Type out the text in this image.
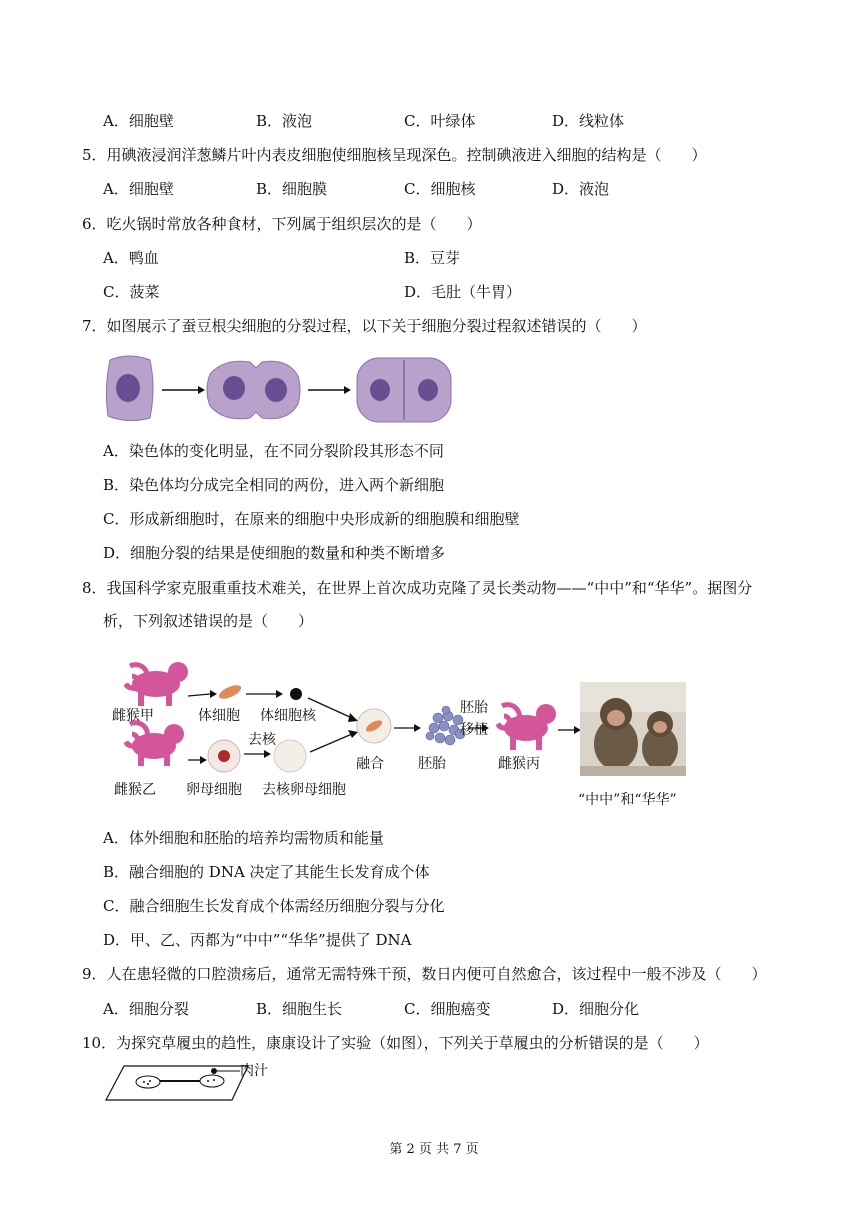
A．细胞壁	B．液泡	C．叶绿体	D．线粒体
5．用碘液浸润洋葱鳞片叶内表皮细胞使细胞核呈现深色。控制碘液进入细胞的结构是（　　）
A．细胞壁	B．细胞膜	C．细胞核	D．液泡
6．吃火锅时常放各种食材，下列属于组织层次的是（　　）
A．鸭血	B．豆芽
C．菠菜	D．毛肚（牛胃）
7．如图展示了蚕豆根尖细胞的分裂过程，以下关于细胞分裂过程叙述错误的（　　）
A．染色体的变化明显，在不同分裂阶段其形态不同
B．染色体均分成完全相同的两份，进入两个新细胞
C．形成新细胞时，在原来的细胞中央形成新的细胞膜和细胞壁
D．细胞分裂的结果是使细胞的数量和种类不断增多
8．我国科学家克服重重技术难关，在世界上首次成功克隆了灵长类动物——“中中”和“华华”。据图分
析，下列叙述错误的是（　　）
雌猴甲	体细胞 体细胞核
去核
雌猴乙 卵母细胞 去核卵母细胞
融合 胚胎
胚胎
移植
雌猴丙
“中中”和“华华”
A．体外细胞和胚胎的培养均需物质和能量
B．融合细胞的 DNA 决定了其能生长发育成个体
C．融合细胞生长发育成个体需经历细胞分裂与分化
D．甲、乙、丙都为“中中”“华华”提供了 DNA
9．人在患轻微的口腔溃疡后，通常无需特殊干预，数日内便可自然愈合，该过程中一般不涉及（　　）
A．细胞分裂	B．细胞生长	C．细胞癌变	D．细胞分化
10．为探究草履虫的趋性，康康设计了实验（如图），下列关于草履虫的分析错误的是（　　）
肉汁
第 2 页 共 7 页
